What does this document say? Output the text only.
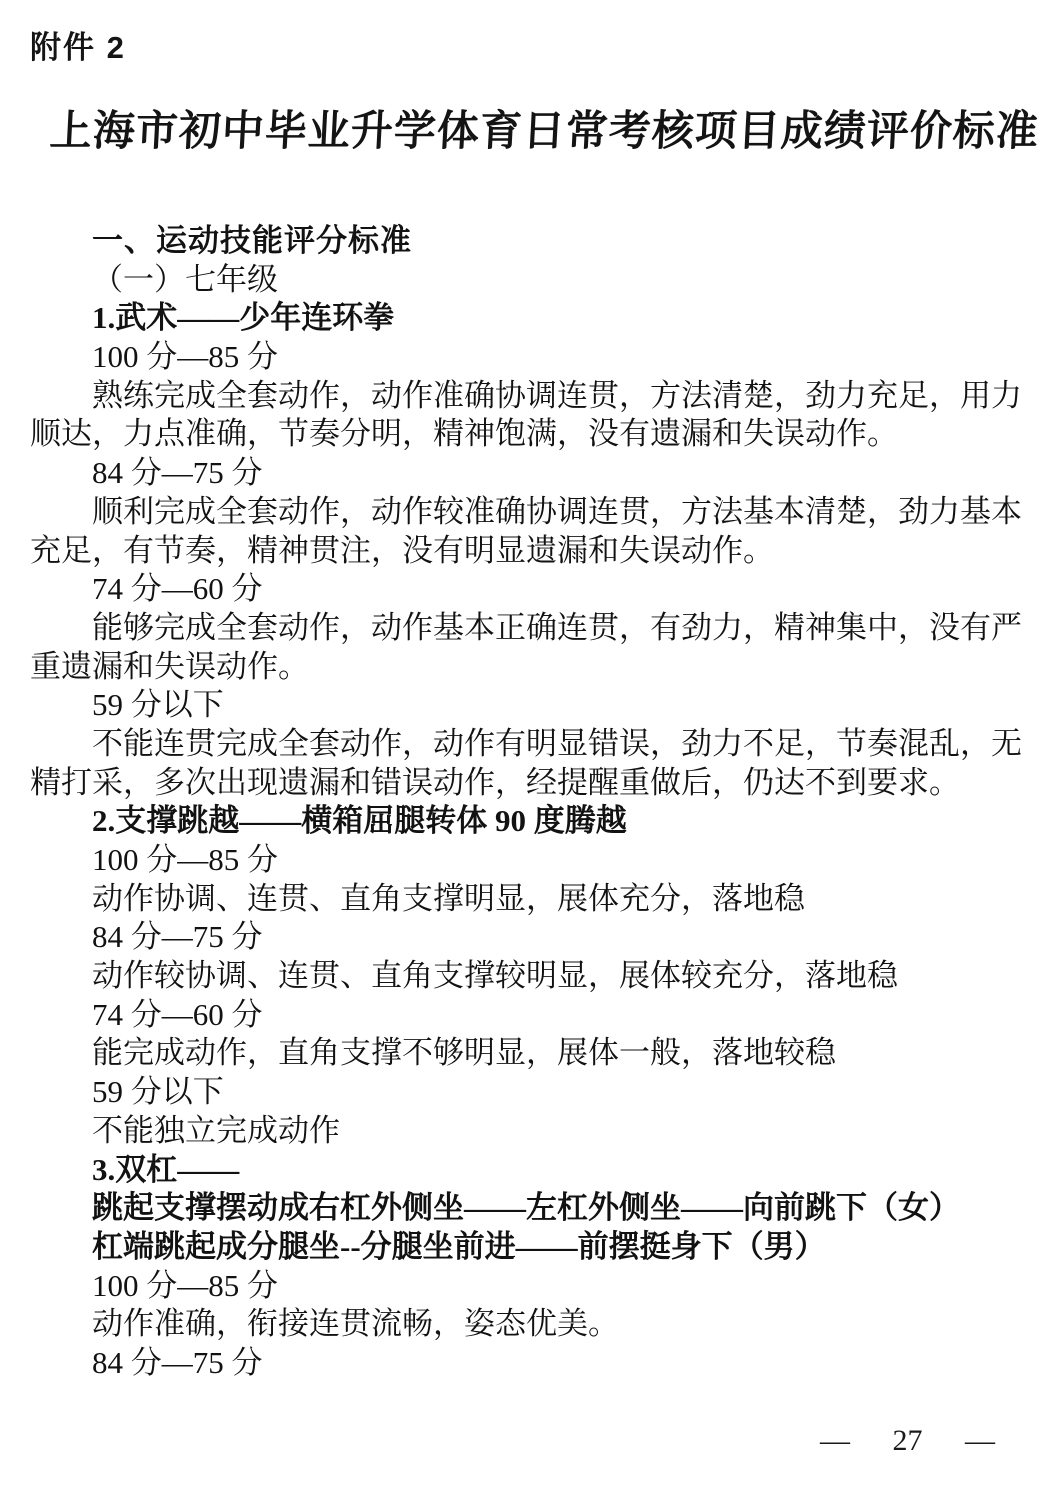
附件 2
上海市初中毕业升学体育日常考核项目成绩评价标准
一、运动技能评分标准
（一）七年级
1.武术——少年连环拳
100 分—85 分
熟练完成全套动作，动作准确协调连贯，方法清楚，劲力充足，用力
顺达，力点准确，节奏分明，精神饱满，没有遗漏和失误动作。
84 分—75 分
顺利完成全套动作，动作较准确协调连贯，方法基本清楚，劲力基本
充足，有节奏，精神贯注，没有明显遗漏和失误动作。
74 分—60 分
能够完成全套动作，动作基本正确连贯，有劲力，精神集中，没有严
重遗漏和失误动作。
59 分以下
不能连贯完成全套动作，动作有明显错误，劲力不足，节奏混乱，无
精打采，多次出现遗漏和错误动作，经提醒重做后，仍达不到要求。
2.支撑跳越——横箱屈腿转体 90 度腾越
100 分—85 分
动作协调、连贯、直角支撑明显，展体充分，落地稳
84 分—75 分
动作较协调、连贯、直角支撑较明显，展体较充分，落地稳
74 分—60 分
能完成动作，直角支撑不够明显，展体一般，落地较稳
59 分以下
不能独立完成动作
3.双杠——
跳起支撑摆动成右杠外侧坐——左杠外侧坐——向前跳下（女）
杠端跳起成分腿坐--分腿坐前进——前摆挺身下（男）
100 分—85 分
动作准确，衔接连贯流畅，姿态优美。
84 分—75 分
— 27 —
